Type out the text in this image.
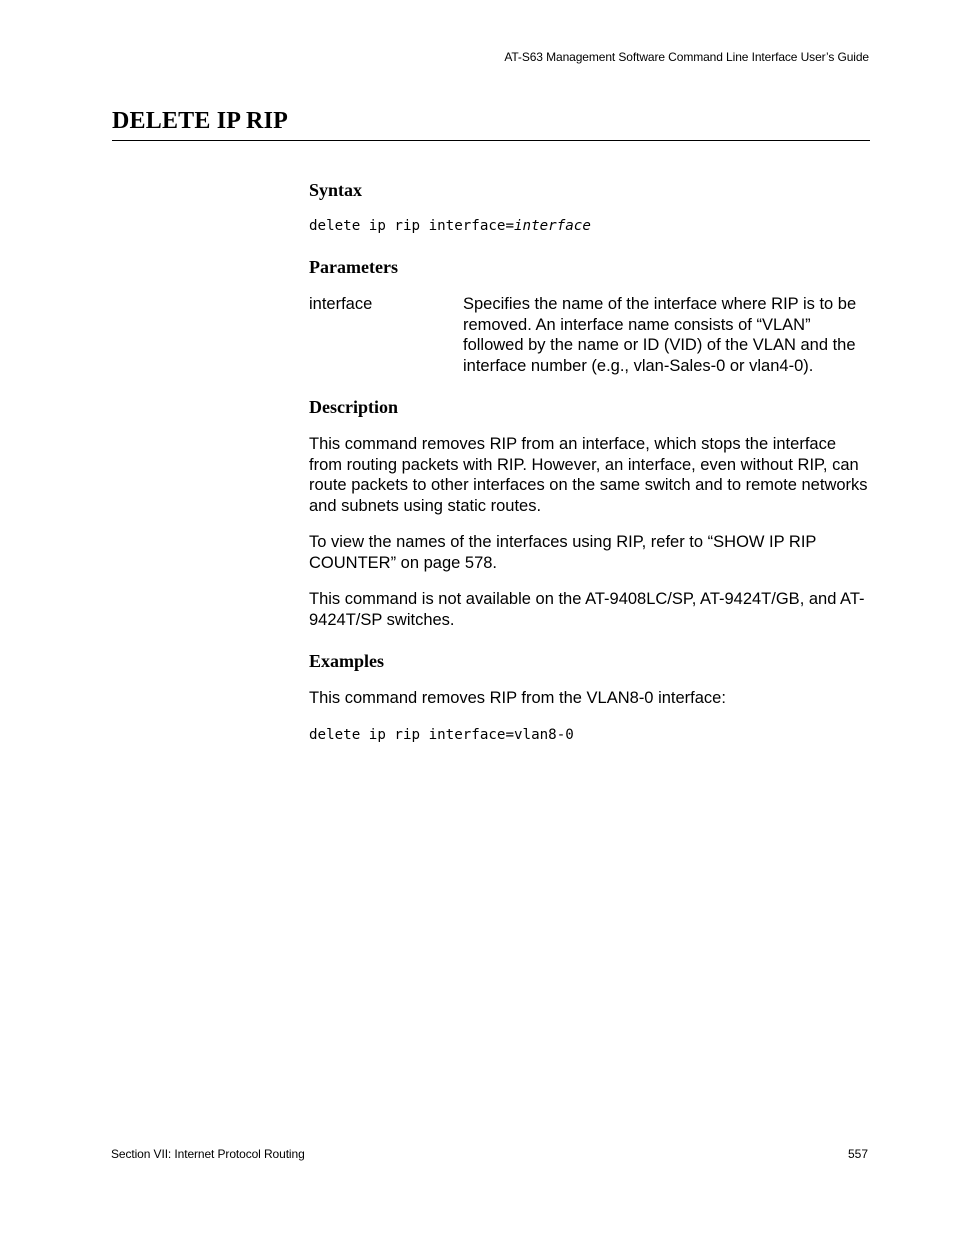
AT-S63 Management Software Command Line Interface User’s Guide
DELETE IP RIP
Syntax

delete ip rip interface=interface

Parameters
interface	Specifies the name of the interface where RIP is to be removed. An interface name consists of “VLAN” followed by the name or ID (VID) of the VLAN and the interface number (e.g., vlan-Sales-0 or vlan4-0).
Description

This command removes RIP from an interface, which stops the interface from routing packets with RIP. However, an interface, even without RIP, can route packets to other interfaces on the same switch and to remote networks and subnets using static routes.

To view the names of the interfaces using RIP, refer to “SHOW IP RIP COUNTER” on page 578.

This command is not available on the AT-9408LC/SP, AT-9424T/GB, and AT-9424T/SP switches.

Examples

This command removes RIP from the VLAN8-0 interface:

delete ip rip interface=vlan8-0

Section VII: Internet Protocol Routing	557
